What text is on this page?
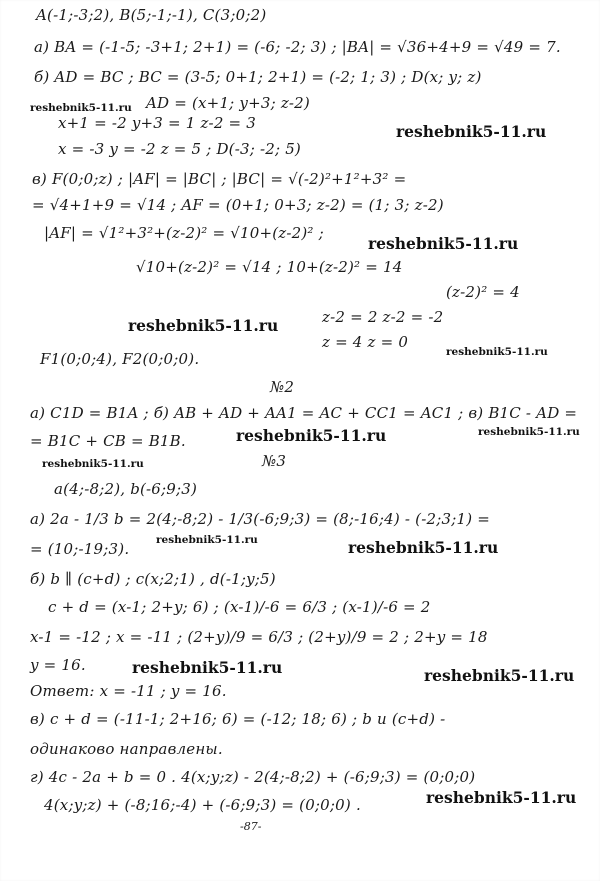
A(-1;-3;2), B(5;-1;-1), C(3;0;2)
a) BA = (-1-5; -3+1; 2+1) = (-6; -2; 3) ; |BA| = √36+4+9 = √49 = 7.
б) AD = BC ; BC = (3-5; 0+1; 2+1) = (-2; 1; 3) ; D(x; y; z)
AD = (x+1; y+3; z-2)
x+1 = -2 y+3 = 1 z-2 = 3
x = -3 y = -2 z = 5 ; D(-3; -2; 5)
в) F(0;0;z) ; |AF| = |BC| ; |BC| = √(-2)²+1²+3² =
= √4+1+9 = √14 ; AF = (0+1; 0+3; z-2) = (1; 3; z-2)
|AF| = √1²+3²+(z-2)² = √10+(z-2)² ;
√10+(z-2)² = √14 ; 10+(z-2)² = 14
(z-2)² = 4
z-2 = 2 z-2 = -2
z = 4 z = 0
F1(0;0;4), F2(0;0;0).
№2
a) C1D = B1A ; б) AB + AD + AA1 = AC + CC1 = AC1 ; в) B1C - AD =
= B1C + CB = B1B.
№3
a(4;-8;2), b(-6;9;3)
a) 2a - 1/3 b = 2(4;-8;2) - 1/3(-6;9;3) = (8;-16;4) - (-2;3;1) =
= (10;-19;3).
б) b ∥ (c+d) ; c(x;2;1) , d(-1;y;5)
c + d = (x-1; 2+y; 6) ; (x-1)/-6 = 6/3 ; (x-1)/-6 = 2
x-1 = -12 ; x = -11 ; (2+y)/9 = 6/3 ; (2+y)/9 = 2 ; 2+y = 18
y = 16.
Ответ: x = -11 ; y = 16.
в) c + d = (-11-1; 2+16; 6) = (-12; 18; 6) ; b и (c+d) -
одинаково направлены.
г) 4c - 2a + b = 0 . 4(x;y;z) - 2(4;-8;2) + (-6;9;3) = (0;0;0)
4(x;y;z) + (-8;16;-4) + (-6;9;3) = (0;0;0) .
-87-
reshebnik5-11.ru
reshebnik5-11.ru
reshebnik5-11.ru
reshebnik5-11.ru
reshebnik5-11.ru
reshebnik5-11.ru	reshebnik5-11.ru
reshebnik5-11.ru
reshebnik5-11.ru	reshebnik5-11.ru
reshebnik5-11.ru	reshebnik5-11.ru
reshebnik5-11.ru
